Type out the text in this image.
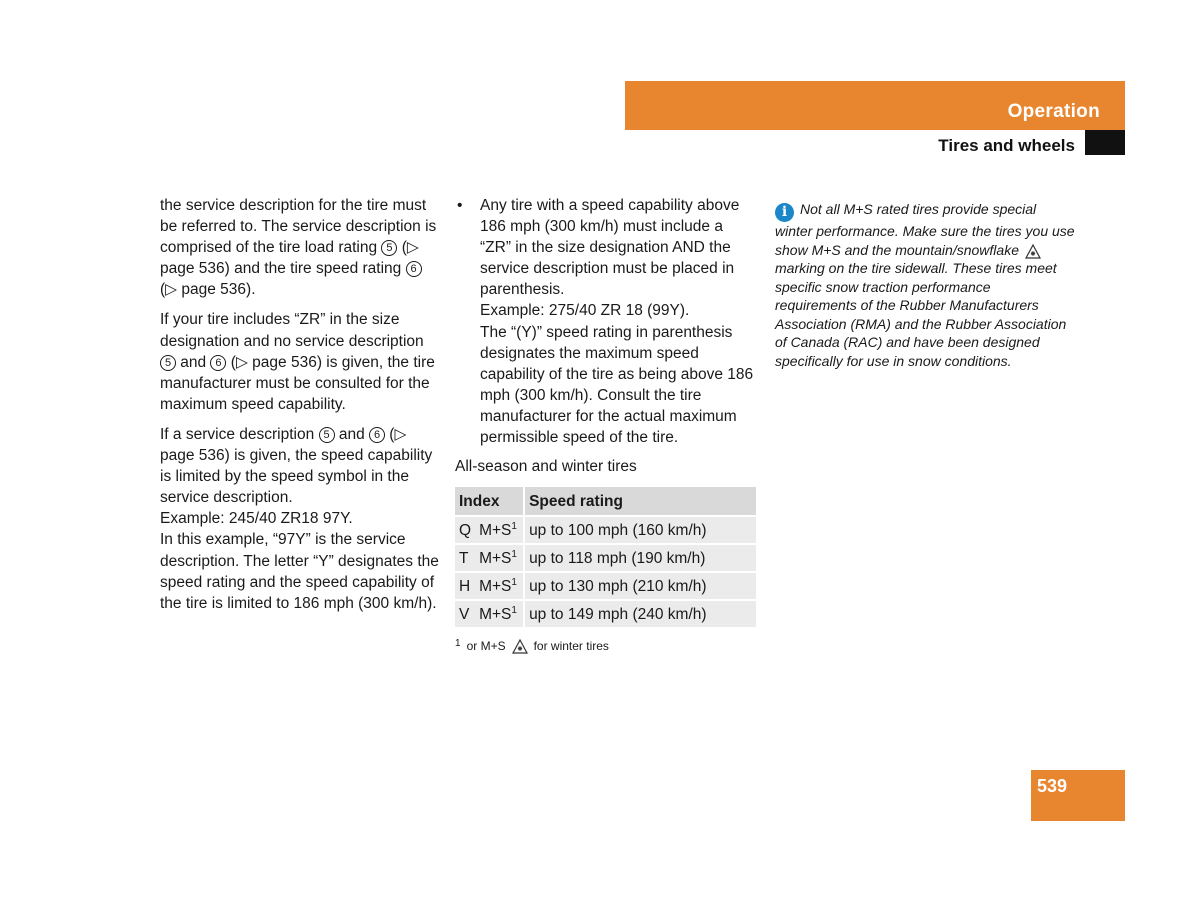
Operation
Tires and wheels

the service description for the tire must be referred to. The service description is comprised of the tire load rating 5 (▷ page 536) and the tire speed rating 6 (▷ page 536).

If your tire includes “ZR” in the size designation and no service description 5 and 6 (▷ page 536) is given, the tire manufacturer must be consulted for the maximum speed capability.

If a service description 5 and 6 (▷ page 536) is given, the speed capability is limited by the speed symbol in the service description.
Example: 245/40 ZR18 97Y.
In this example, “97Y” is the service description. The letter “Y” designates the speed rating and the speed capability of the tire is limited to 186 mph (300 km/h).

• Any tire with a speed capability above 186 mph (300 km/h) must include a “ZR” in the size designation AND the service description must be placed in parenthesis.
Example: 275/40 ZR 18 (99Y).
The “(Y)” speed rating in parenthesis designates the maximum speed capability of the tire as being above 186 mph (300 km/h). Consult the tire manufacturer for the actual maximum permissible speed of the tire.
All-season and winter tires
Index		Speed rating
Q	$M+S^1$	up to 100 mph (160 km/h)
T	$M+S^1$	up to 118 mph (190 km/h)
H	$M+S^1$	up to 130 mph (210 km/h)
V	$M+S^1$	up to 149 mph (240 km/h)
$^1$ or M+S for winter tires
i Not all M+S rated tires provide special winter performance. Make sure the tires you use show M+S and the mountain/snowflakemarking on the tire sidewall. These tires meet specific snow traction performance requirements of the Rubber Manufacturers Association (RMA) and the Rubber Association of Canada (RAC) and have been designed specifically for use in snow conditions.
539
